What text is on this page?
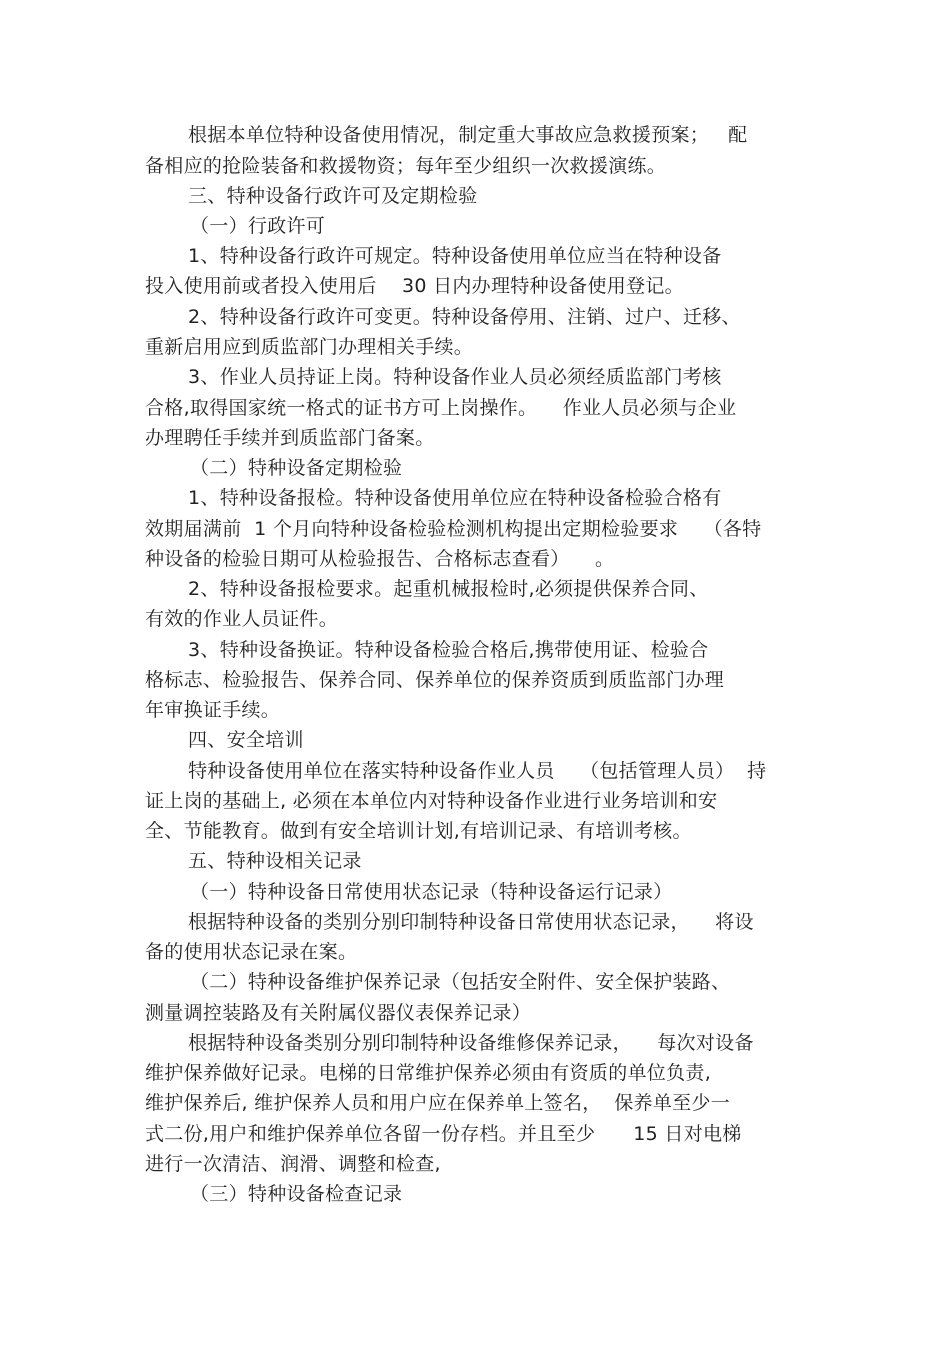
根据本单位特种设备使用情况，制定重大事故应急救援预案；   配
备相应的抢险装备和救援物资；每年至少组织一次救援演练。
三、特种设备行政许可及定期检验
（一）行政许可
1、特种设备行政许可规定。特种设备使用单位应当在特种设备
投入使用前或者投入使用后    30 日内办理特种设备使用登记。
2、特种设备行政许可变更。特种设备停用、注销、过户、迁移、
重新启用应到质监部门办理相关手续。
3、作业人员持证上岗。特种设备作业人员必须经质监部门考核
合格,取得国家统一格式的证书方可上岗操作。    作业人员必须与企业
办理聘任手续并到质监部门备案。
（二）特种设备定期检验
1、特种设备报检。特种设备使用单位应在特种设备检验合格有
效期届满前  1 个月向特种设备检验检测机构提出定期检验要求    （各特
种设备的检验日期可从检验报告、合格标志查看）    。
2、特种设备报检要求。起重机械报检时,必须提供保养合同、
有效的作业人员证件。
3、特种设备换证。特种设备检验合格后,携带使用证、检验合
格标志、检验报告、保养合同、保养单位的保养资质到质监部门办理
年审换证手续。
四、安全培训
特种设备使用单位在落实特种设备作业人员    （包括管理人员）  持
证上岗的基础上, 必须在本单位内对特种设备作业进行业务培训和安
全、节能教育。做到有安全培训计划,有培训记录、有培训考核。
五、特种设相关记录
（一）特种设备日常使用状态记录（特种设备运行记录）
根据特种设备的类别分别印制特种设备日常使用状态记录，    将设
备的使用状态记录在案。
（二）特种设备维护保养记录（包括安全附件、安全保护装路、
测量调控装路及有关附属仪器仪表保养记录）
根据特种设备类别分别印制特种设备维修保养记录，    每次对设备
维护保养做好记录。电梯的日常维护保养必须由有资质的单位负责,
维护保养后, 维护保养人员和用户应在保养单上签名，  保养单至少一
式二份,用户和维护保养单位各留一份存档。并且至少      15 日对电梯
进行一次清洁、润滑、调整和检查,
（三）特种设备检查记录
